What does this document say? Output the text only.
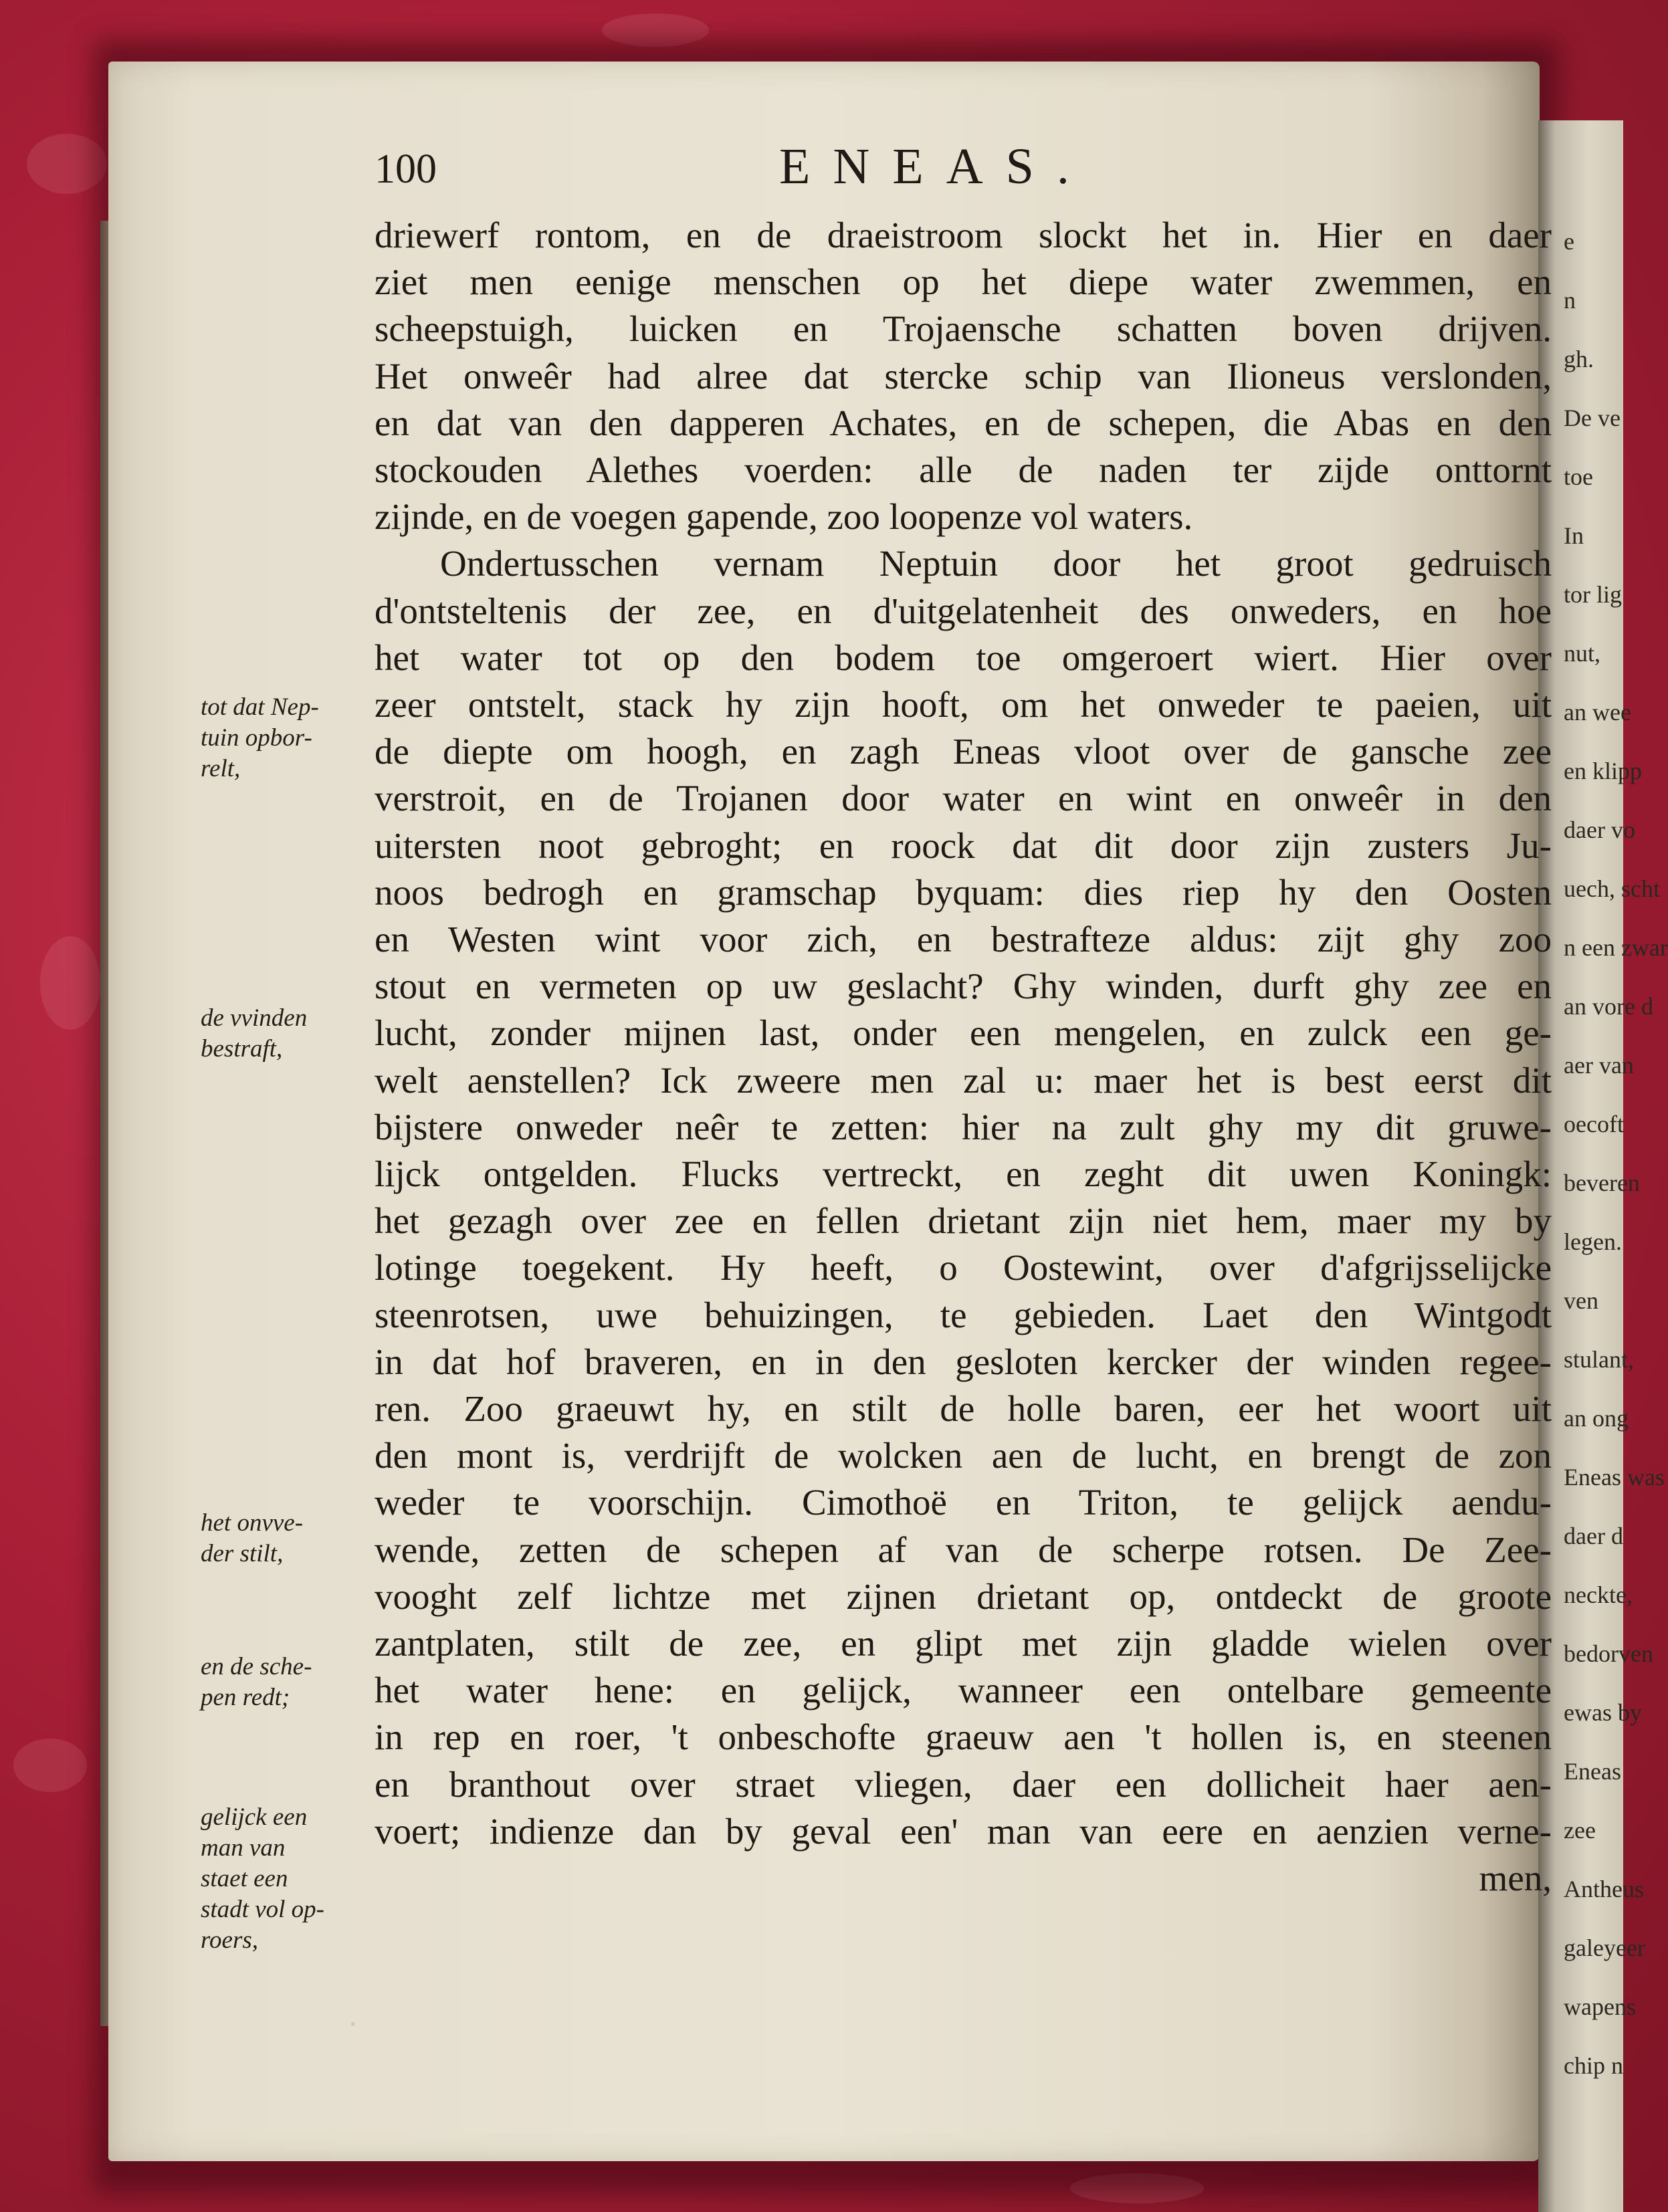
e
n
gh.
De ve
toe
In
tor lig
nut,
an wee
en klipp
daer vo
uech, scht
n een zwar
an vore d
aer van
oecoft
beveren
legen.
ven
stulant,
an ong
Eneas was
daer d
neckte,
bedorven
ewas by
Eneas
zee
Antheus
galeyeer
wapens
chip n
100	ENEAS.
·
driewerf rontom, en de draeistroom slockt het in. Hier en daer
ziet men eenige menschen op het diepe water zwemmen, en
scheepstuigh, luicken en Trojaensche schatten boven drijven.
Het onweêr had alree dat stercke schip van Ilioneus verslonden,
en dat van den dapperen Achates, en de schepen, die Abas en den
stockouden Alethes voerden: alle de naden ter zijde onttornt
zijnde, en de voegen gapende, zoo loopenze vol waters.
Ondertusschen vernam Neptuin door het groot gedruisch
d'ontsteltenis der zee, en d'uitgelatenheit des onweders, en hoe
het water tot op den bodem toe omgeroert wiert. Hier over
zeer ontstelt, stack hy zijn hooft, om het onweder te paeien, uit
de diepte om hoogh, en zagh Eneas vloot over de gansche zee
verstroit, en de Trojanen door water en wint en onweêr in den
uitersten noot gebroght; en roock dat dit door zijn zusters Ju-
noos bedrogh en gramschap byquam: dies riep hy den Oosten
en Westen wint voor zich, en bestrafteze aldus: zijt ghy zoo
stout en vermeten op uw geslacht? Ghy winden, durft ghy zee en
lucht, zonder mijnen last, onder een mengelen, en zulck een ge-
welt aenstellen? Ick zweere men zal u: maer het is best eerst dit
bijstere onweder neêr te zetten: hier na zult ghy my dit gruwe-
lijck ontgelden. Flucks vertreckt, en zeght dit uwen Koningk:
het gezagh over zee en fellen drietant zijn niet hem, maer my by
lotinge toegekent. Hy heeft, o Oostewint, over d'afgrijsselijcke
steenrotsen, uwe behuizingen, te gebieden. Laet den Wintgodt
in dat hof braveren, en in den gesloten kercker der winden regee-
ren. Zoo graeuwt hy, en stilt de holle baren, eer het woort uit
den mont is, verdrijft de wolcken aen de lucht, en brengt de zon
weder te voorschijn. Cimothoë en Triton, te gelijck aendu-
wende, zetten de schepen af van de scherpe rotsen. De Zee-
vooght zelf lichtze met zijnen drietant op, ontdeckt de groote
zantplaten, stilt de zee, en glipt met zijn gladde wielen over
het water hene: en gelijck, wanneer een ontelbare gemeente
in rep en roer, 't onbeschofte graeuw aen 't hollen is, en steenen
en branthout over straet vliegen, daer een dollicheit haer aen-
voert; indienze dan by geval een' man van eere en aenzien verne-
men,
tot dat Nep-
tuin opbor-
relt,
de vvinden
bestraft,
het onvve-
der stilt,
en de sche-
pen redt;
gelijck een
man van
staet een
stadt vol op-
roers,
